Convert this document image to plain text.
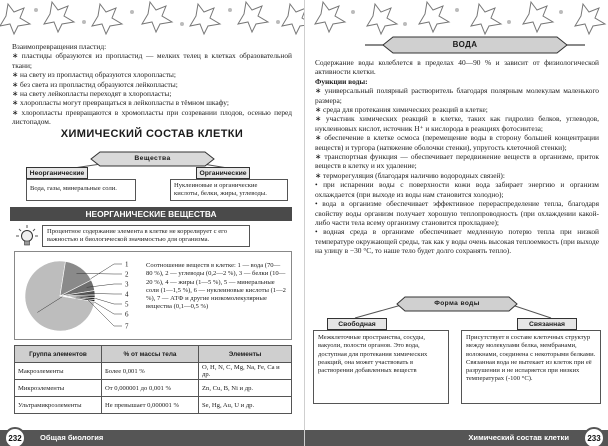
Взаимопревращения пластид:

∗ пластиды образуются из пропластид — мелких телец в клетках образовательной ткани;

∗ на свету из пропластид образуются хлоропласты;

∗ без света из пропластид образуются лейкопласты;

∗ на свету лейкопласты переходят в хлоропласты;

∗ хлоропласты могут превращаться в лейкопласты в тёмном шкафу;

∗ хлоропласты превращаются в хромопласты при созревании плодов, осенью перед листопадом.

ХИМИЧЕСКИЙ СОСТАВ КЛЕТКИ
Вещества
Неорганические
Вода, газы, минеральные соли.
Органические
Нуклеиновые и органические кислоты, белки, жиры, углеводы.
НЕОРГАНИЧЕСКИЕ ВЕЩЕСТВА
Процентное содержание элемента в клетке не коррелирует с его важностью и биологической значимостью для организма.
1
2
3
4
5
6
7
Соотношение веществ в клетке: 1 — вода (70—80 %), 2 — углеводы (0,2—2 %), 3 — белки (10—20 %), 4 — жиры (1—5 %), 5 — минеральные соли (1—1,5 %), 6 — нуклеиновые кислоты (1—2 %), 7 — АТФ и другие низкомолекулярные вещества (0,1—0,5 %)
Группа элементов	% от массы тела	Элементы
Макроэлементы	Более 0,001 %	O, H, N, C, Mg, Na, Fe, Ca и др.
Микроэлементы	От 0,000001 до 0,001 %	Zn, Cu, B, Ni и др.
Ультрамикроэлементы	Не превышает 0,000001 %	Se, Hg, Au, U и др.
232	Общая биология
ВОДА

Содержание воды колеблется в пределах 40—90 % и зависит от физиологической активности клетки.

Функции воды:

∗ универсальный полярный растворитель благодаря полярным молекулам маленького размера;

∗ среда для протекания химических реакций в клетке;

∗ участник химических реакций в клетке, таких как гидролиз белков, углеводов, нуклеиновых кислот, источник H⁺ и кислорода в реакциях фотосинтеза;

∗ обеспечение в клетке осмоса (перемещение воды в сторону большей концентрации веществ) и тургора (натяжение оболочки стенки), упругость клеточной стенки);

∗ транспортная функция — обеспечивает передвижение веществ в организме, приток веществ в клетку и их удаление;

∗ терморегуляция (благодаря наличию водородных связей):

• при испарении воды с поверхности кожи вода забирает энергию и организм охлаждается (при выходе из воды нам становится холодно);

• вода в организме обеспечивает эффективное перераспределение тепла, благодаря свойству воды организм получает хорошую теплопроводность (при охлаждении какой-либо части тела всему организму становится прохладнее);

• водная среда в организме обеспечивает медленную потерю тепла при низкой температуре окружающей среды, так как у воды очень высокая теплоемкость (при выходе на улицу в −30 °C, то наше тело будет долго сохранять тепло).

Форма воды
Свободная
Межклеточные пространства, сосуды, вакуоли, полости органов. Это вода, доступная для протекания химических реакций, она может участвовать в растворении добавленных веществ
Связанная
Присутствует в составе клеточных структур между молекулами белка, мембранами, волокнами, соединена с некоторыми белками. Связанная вода не вытекает из клеток при её разрушении и не испаряется при низких температурах (-100 °С).
Химический состав клетки	233
